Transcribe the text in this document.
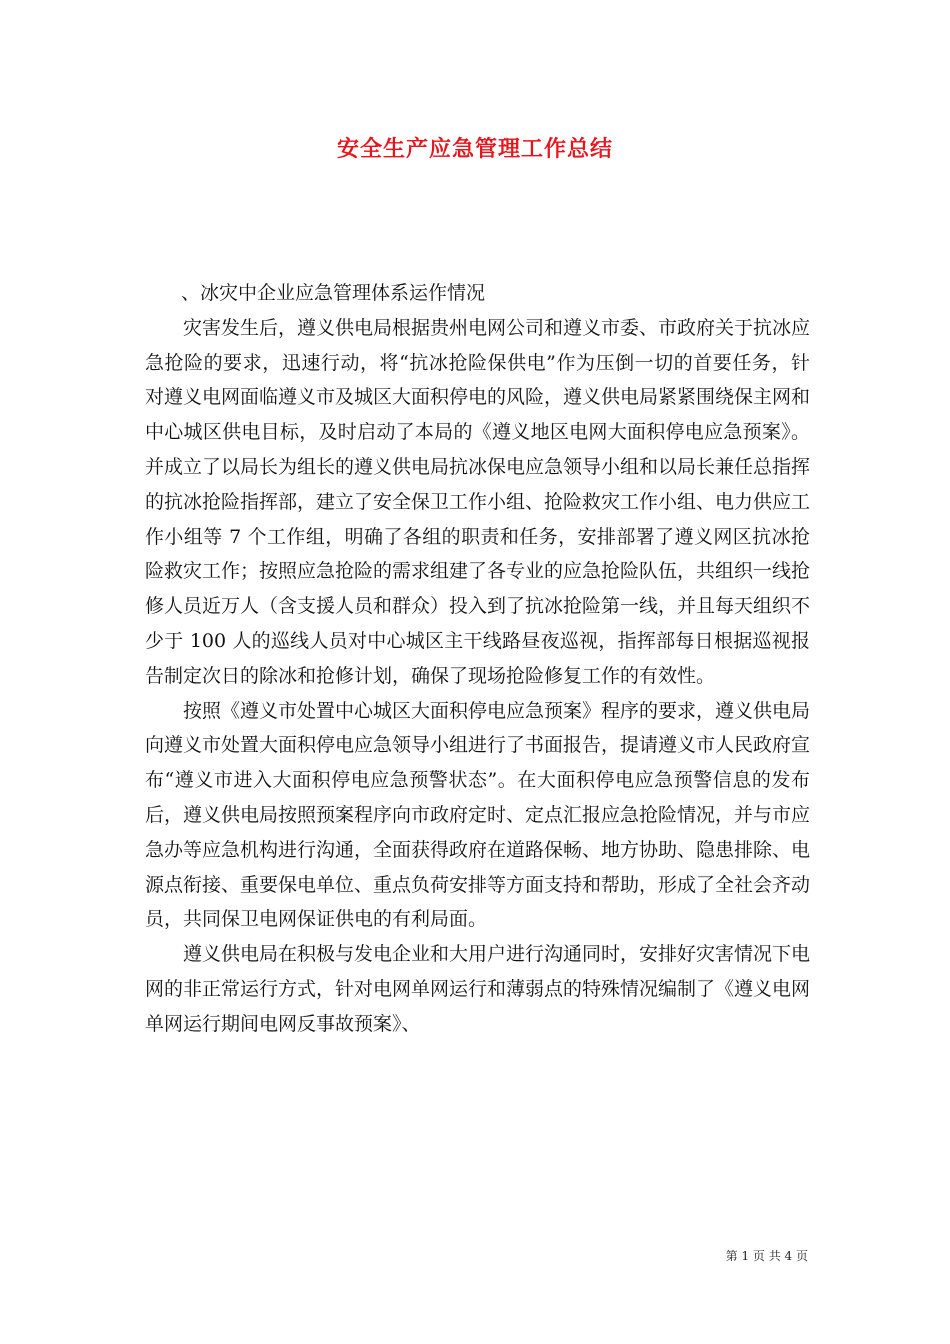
安全生产应急管理工作总结

、冰灾中企业应急管理体系运作情况

灾害发生后，遵义供电局根据贵州电网公司和遵义市委、市政府关于抗冰应急抢险的要求，迅速行动，将“抗冰抢险保供电”作为压倒一切的首要任务，针对遵义电网面临遵义市及城区大面积停电的风险，遵义供电局紧紧围绕保主网和中心城区供电目标，及时启动了本局的《遵义地区电网大面积停电应急预案》。并成立了以局长为组长的遵义供电局抗冰保电应急领导小组和以局长兼任总指挥的抗冰抢险指挥部，建立了安全保卫工作小组、抢险救灾工作小组、电力供应工作小组等 7 个工作组，明确了各组的职责和任务，安排部署了遵义网区抗冰抢险救灾工作；按照应急抢险的需求组建了各专业的应急抢险队伍，共组织一线抢修人员近万人（含支援人员和群众）投入到了抗冰抢险第一线，并且每天组织不少于 100 人的巡线人员对中心城区主干线路昼夜巡视，指挥部每日根据巡视报告制定次日的除冰和抢修计划，确保了现场抢险修复工作的有效性。

按照《遵义市处置中心城区大面积停电应急预案》程序的要求，遵义供电局向遵义市处置大面积停电应急领导小组进行了书面报告，提请遵义市人民政府宣布“遵义市进入大面积停电应急预警状态”。在大面积停电应急预警信息的发布后，遵义供电局按照预案程序向市政府定时、定点汇报应急抢险情况，并与市应急办等应急机构进行沟通，全面获得政府在道路保畅、地方协助、隐患排除、电源点衔接、重要保电单位、重点负荷安排等方面支持和帮助，形成了全社会齐动员，共同保卫电网保证供电的有利局面。

遵义供电局在积极与发电企业和大用户进行沟通同时，安排好灾害情况下电网的非正常运行方式，针对电网单网运行和薄弱点的特殊情况编制了《遵义电网单网运行期间电网反事故预案》、

第 1 页 共 4 页
